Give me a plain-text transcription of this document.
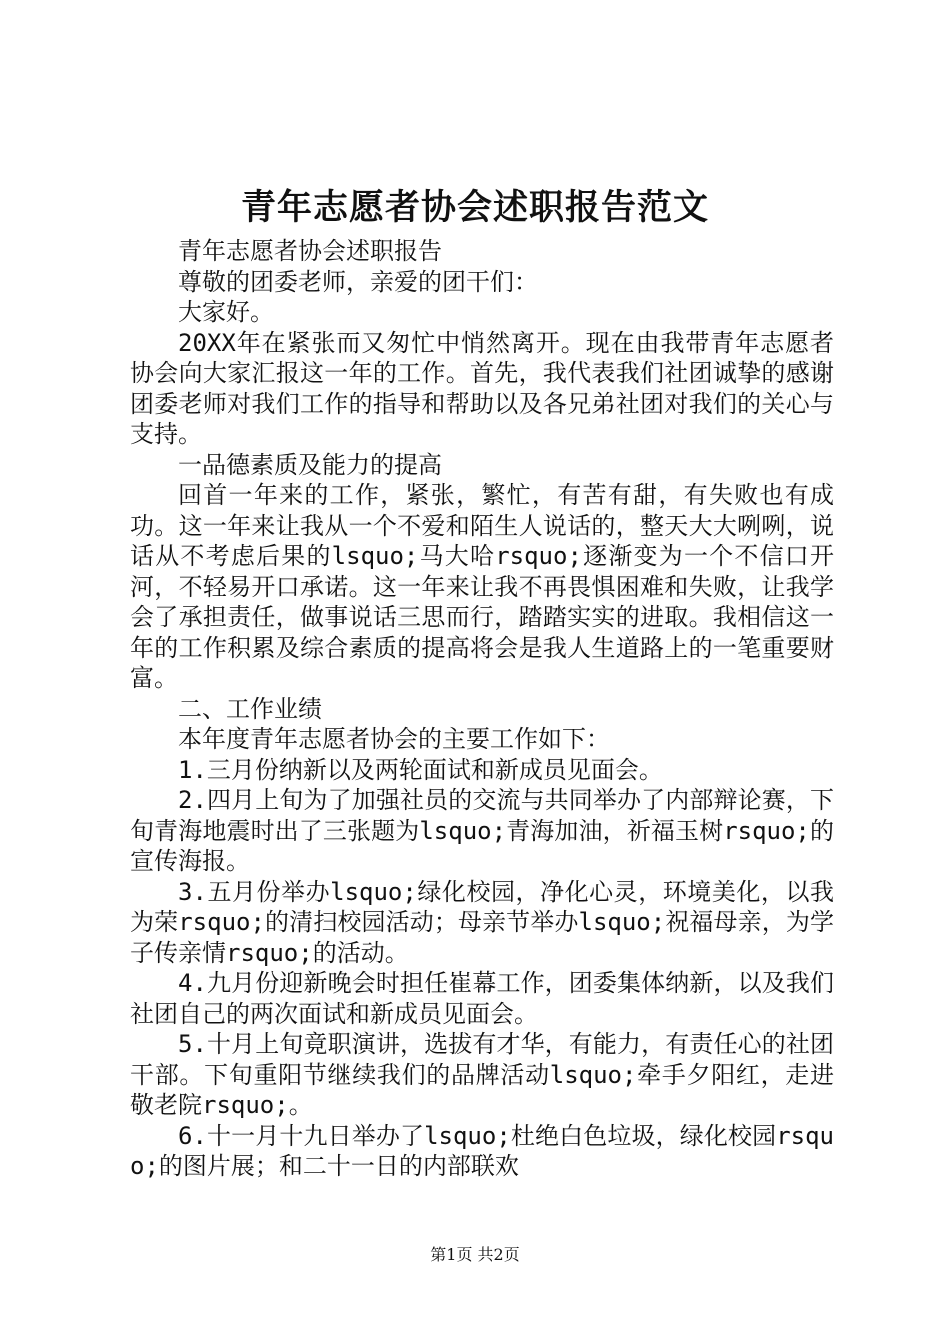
青年志愿者协会述职报告范文

青年志愿者协会述职报告

尊敬的团委老师，亲爱的团干们：

大家好。

20XX年在紧张而又匆忙中悄然离开。现在由我带青年志愿者协会向大家汇报这一年的工作。首先，我代表我们社团诚挚的感谢团委老师对我们工作的指导和帮助以及各兄弟社团对我们的关心与支持。

一品德素质及能力的提高

回首一年来的工作，紧张，繁忙，有苦有甜，有失败也有成功。这一年来让我从一个不爱和陌生人说话的，整天大大咧咧，说话从不考虑后果的lsquo;马大哈rsquo;逐渐变为一个不信口开河，不轻易开口承诺。这一年来让我不再畏惧困难和失败，让我学会了承担责任，做事说话三思而行，踏踏实实的进取。我相信这一年的工作积累及综合素质的提高将会是我人生道路上的一笔重要财富。

二、工作业绩

本年度青年志愿者协会的主要工作如下：

1.三月份纳新以及两轮面试和新成员见面会。

2.四月上旬为了加强社员的交流与共同举办了内部辩论赛，下旬青海地震时出了三张题为lsquo;青海加油，祈福玉树rsquo;的宣传海报。

3.五月份举办lsquo;绿化校园，净化心灵，环境美化，以我为荣rsquo;的清扫校园活动；母亲节举办lsquo;祝福母亲，为学子传亲情rsquo;的活动。

4.九月份迎新晚会时担任崔幕工作，团委集体纳新，以及我们社团自己的两次面试和新成员见面会。

5.十月上旬竟职演讲，选拔有才华，有能力，有责任心的社团干部。下旬重阳节继续我们的品牌活动lsquo;牵手夕阳红，走进敬老院rsquo;。

6.十一月十九日举办了lsquo;杜绝白色垃圾，绿化校园rsquo;的图片展；和二十一日的内部联欢

第1页 共2页
